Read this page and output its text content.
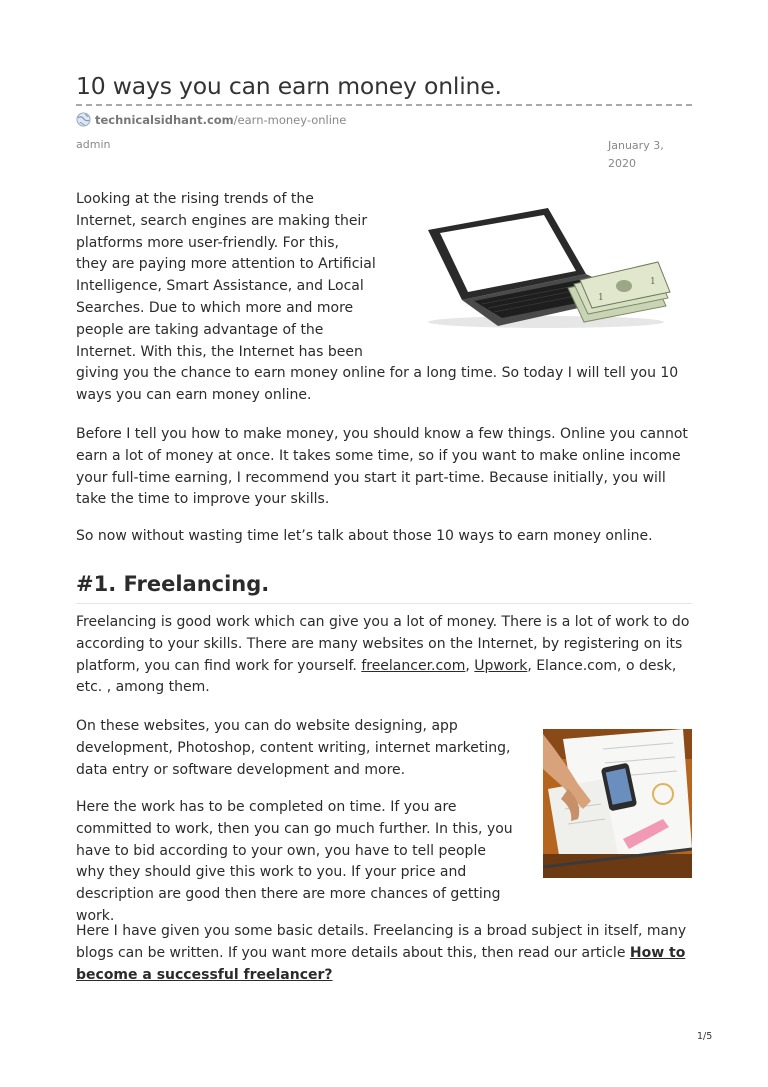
10 ways you can earn money online.
technicalsidhant.com/earn-money-online
admin	January 3,
2020
Looking at the rising trends of the
Internet, search engines are making their
platforms more user-friendly. For this,
they are paying more attention to Artificial
Intelligence, Smart Assistance, and Local
Searches. Due to which more and more
people are taking advantage of the
Internet. With this, the Internet has been
1
1
giving you the chance to earn money online for a long time. So today I will tell you 10 ways you can earn money online.
Before I tell you how to make money, you should know a few things. Online you cannot earn a lot of money at once. It takes some time, so if you want to make online income your full-time earning, I recommend you start it part-time. Because initially, you will take the time to improve your skills.
So now without wasting time let’s talk about those 10 ways to earn money online.
#1. Freelancing.
Freelancing is good work which can give you a lot of money. There is a lot of work to do according to your skills. There are many websites on the Internet, by registering on its platform, you can find work for yourself. freelancer.com, Upwork, Elance.com, o desk, etc. , among them.
On these websites, you can do website designing, app development, Photoshop, content writing, internet marketing, data entry or software development and more.
Here the work has to be completed on time. If you are committed to work, then you can go much further. In this, you have to bid according to your own, you have to tell people why they should give this work to you. If your price and description are good then there are more chances of getting work.
Here I have given you some basic details. Freelancing is a broad subject in itself, many blogs can be written. If you want more details about this, then read our article How to become a successful freelancer?
1/5
